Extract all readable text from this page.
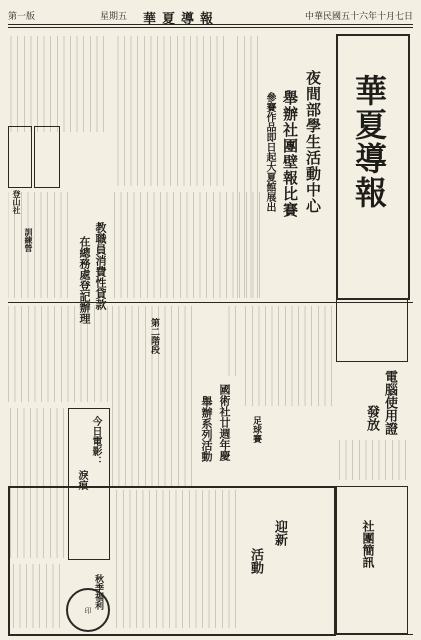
第一版	星期五	中華民國五十六年十月七日
華夏導報
華夏導報
夜間部學生活動中心
舉辦社團壁報比賽
參賽作品即日起大夏館展出
登山社
訓練營	教職員消費性貸款
在總務處登記辦理
電腦使用證
發放
國術社廿週年慶
舉辦系列活動	足球賽
第二階段
今日電影：
淚痕
迎新
活動	社團簡訊
秋季福利
印
